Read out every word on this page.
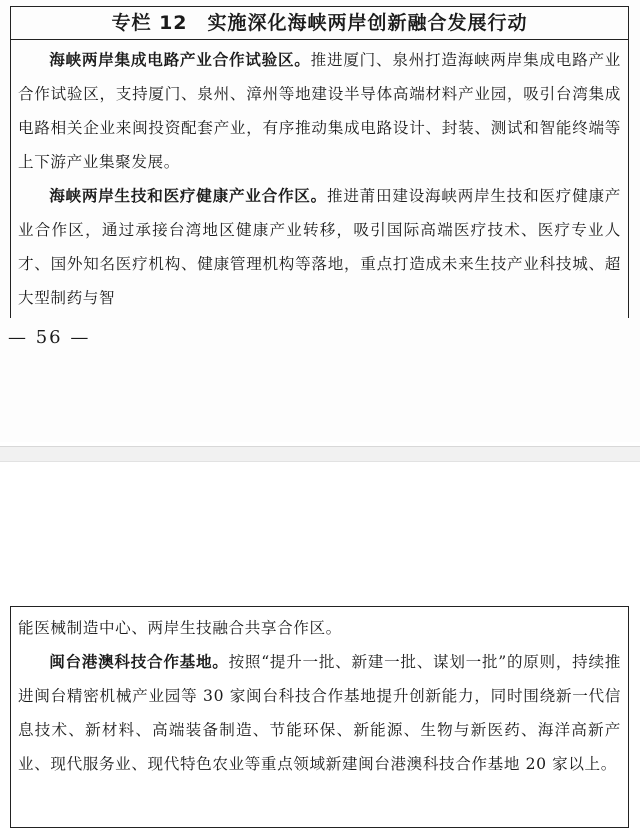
专栏 12　实施深化海峡两岸创新融合发展行动

海峡两岸集成电路产业合作试验区。推进厦门、泉州打造海峡两岸集成电路产业合作试验区，支持厦门、泉州、漳州等地建设半导体高端材料产业园，吸引台湾集成电路相关企业来闽投资配套产业，有序推动集成电路设计、封装、测试和智能终端等上下游产业集聚发展。

海峡两岸生技和医疗健康产业合作区。推进莆田建设海峡两岸生技和医疗健康产业合作区，通过承接台湾地区健康产业转移，吸引国际高端医疗技术、医疗专业人才、国外知名医疗机构、健康管理机构等落地，重点打造成未来生技产业科技城、超大型制药与智

— 56 —

能医械制造中心、两岸生技融合共享合作区。

闽台港澳科技合作基地。按照“提升一批、新建一批、谋划一批”的原则，持续推进闽台精密机械产业园等 30 家闽台科技合作基地提升创新能力，同时围绕新一代信息技术、新材料、高端装备制造、节能环保、新能源、生物与新医药、海洋高新产业、现代服务业、现代特色农业等重点领域新建闽台港澳科技合作基地 20 家以上。
